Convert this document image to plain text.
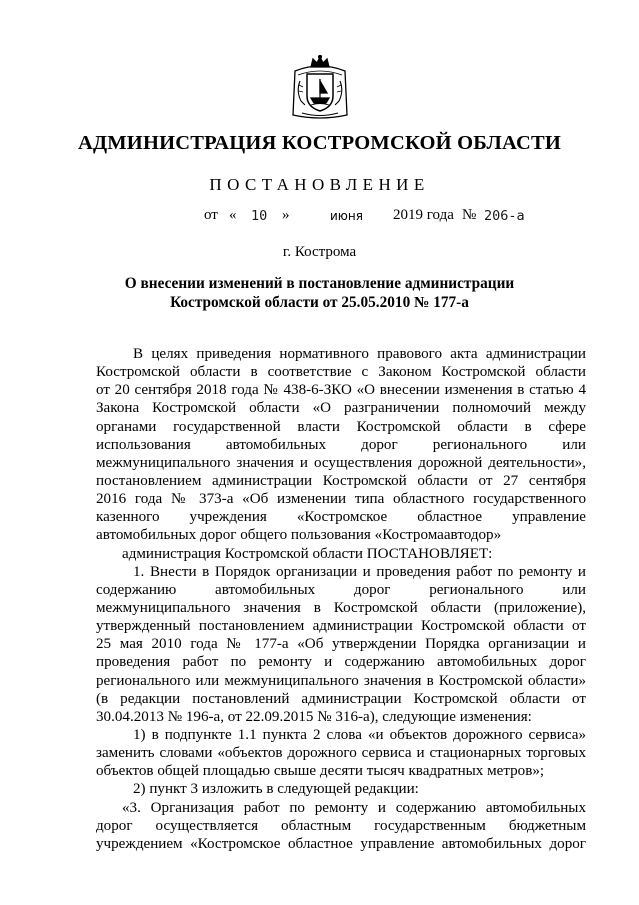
АДМИНИСТРАЦИЯ КОСТРОМСКОЙ ОБЛАСТИ
ПОСТАНОВЛЕНИЕ
от « 10 »	июня 2019 года № 206-а
г. Кострома
О внесении изменений в постановление администрации
Костромской области от 25.05.2010 № 177-а
В целях приведения нормативного правового акта администрации
Костромской области в соответствие с Законом Костромской области
от 20 сентября 2018 года № 438-6-ЗКО «О внесении изменения в статью 4
Закона Костромской области «О разграничении полномочий между
органами государственной власти Костромской области в сфере
использования автомобильных дорог регионального или
межмуниципального значения и осуществления дорожной деятельности»,
постановлением администрации Костромской области от 27 сентября
2016 года № 373-а «Об изменении типа областного государственного
казенного учреждения «Костромское областное управление
автомобильных дорог общего пользования «Костромаавтодор»
администрация Костромской области ПОСТАНОВЛЯЕТ:
1. Внести в Порядок организации и проведения работ по ремонту и
содержанию автомобильных дорог регионального или
межмуниципального значения в Костромской области (приложение),
утвержденный постановлением администрации Костромской области от
25 мая 2010 года № 177-а «Об утверждении Порядка организации и
проведения работ по ремонту и содержанию автомобильных дорог
регионального или межмуниципального значения в Костромской области»
(в редакции постановлений администрации Костромской области от
30.04.2013 № 196-а, от 22.09.2015 № 316-а), следующие изменения:
1) в подпункте 1.1 пункта 2 слова «и объектов дорожного сервиса»
заменить словами «объектов дорожного сервиса и стационарных торговых
объектов общей площадью свыше десяти тысяч квадратных метров»;
2) пункт 3 изложить в следующей редакции:
«3. Организация работ по ремонту и содержанию автомобильных
дорог осуществляется областным государственным бюджетным
учреждением «Костромское областное управление автомобильных дорог
